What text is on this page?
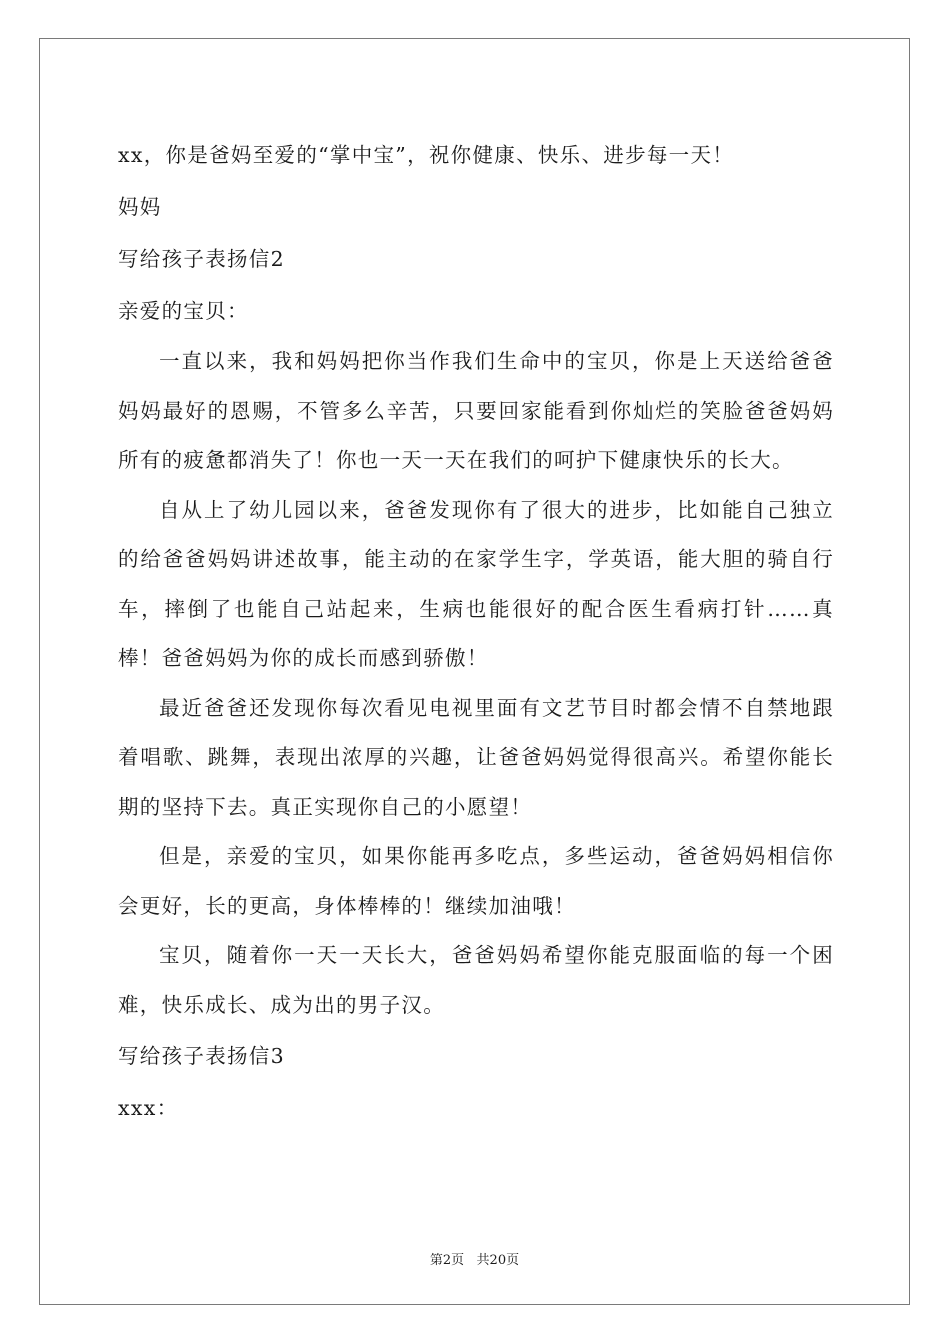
xx，你是爸妈至爱的“掌中宝”，祝你健康、快乐、进步每一天！

妈妈

写给孩子表扬信2

亲爱的宝贝：

一直以来，我和妈妈把你当作我们生命中的宝贝，你是上天送给爸爸妈妈最好的恩赐，不管多么辛苦，只要回家能看到你灿烂的笑脸爸爸妈妈所有的疲惫都消失了！你也一天一天在我们的呵护下健康快乐的长大。

自从上了幼儿园以来，爸爸发现你有了很大的进步，比如能自己独立的给爸爸妈妈讲述故事，能主动的在家学生字，学英语，能大胆的骑自行车，摔倒了也能自己站起来，生病也能很好的配合医生看病打针……真棒！爸爸妈妈为你的成长而感到骄傲！

最近爸爸还发现你每次看见电视里面有文艺节目时都会情不自禁地跟着唱歌、跳舞，表现出浓厚的兴趣，让爸爸妈妈觉得很高兴。希望你能长期的坚持下去。真正实现你自己的小愿望！

但是，亲爱的宝贝，如果你能再多吃点，多些运动，爸爸妈妈相信你会更好，长的更高，身体棒棒的！继续加油哦！

宝贝，随着你一天一天长大，爸爸妈妈希望你能克服面临的每一个困难，快乐成长、成为出的男子汉。

写给孩子表扬信3

xxx：

第2页   共20页
